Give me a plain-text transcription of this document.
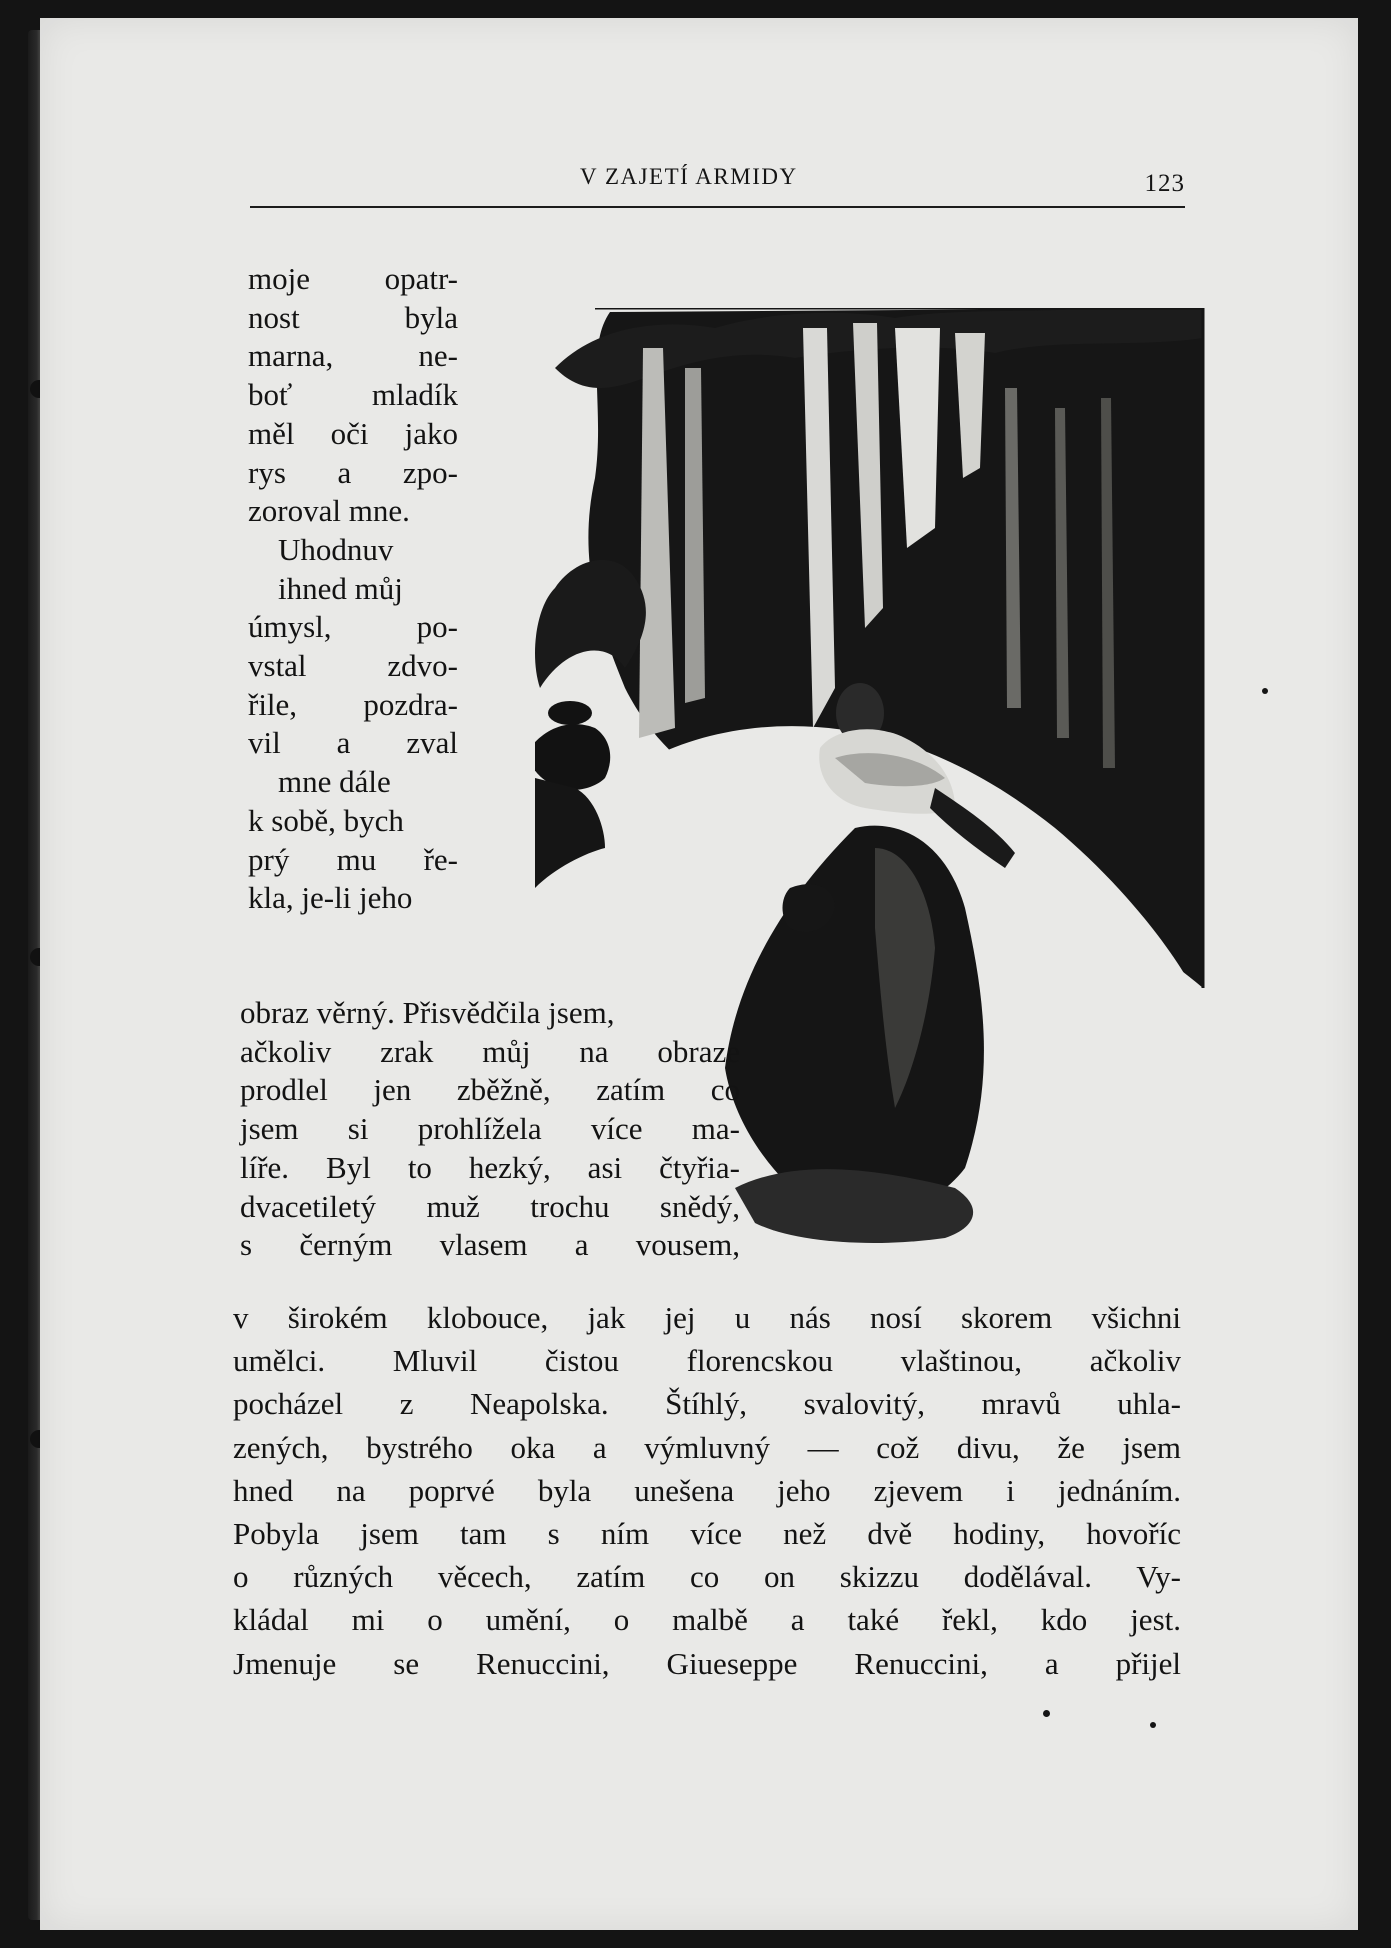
V ZAJETÍ ARMIDY	123
moje opatr-
nost byla
marna, ne-
boť mladík
měl oči jako
rys a zpo-
zoroval mne.
Uhodnuv
ihned můj
úmysl, po-
vstal zdvo-
řile, pozdra-
vil a zval
mne dále
k sobě, bych
prý mu ře-
kla, je-li jeho
obraz věrný. Přisvědčila jsem,
ačkoliv zrak můj na obraze
prodlel jen zběžně, zatím co
jsem si prohlížela více ma-
líře. Byl to hezký, asi čtyřia-
dvacetiletý muž trochu snědý,
s černým vlasem a vousem,
v širokém klobouce, jak jej u nás nosí skorem všichni
umělci. Mluvil čistou florencskou vlaštinou, ačkoliv
pocházel z Neapolska. Štíhlý, svalovitý, mravů uhla-
zených, bystrého oka a výmluvný — což divu, že jsem
hned na poprvé byla unešena jeho zjevem i jednáním.
Pobyla jsem tam s ním více než dvě hodiny, hovoříc
o různých věcech, zatím co on skizzu dodělával. Vy-
kládal mi o umění, o malbě a také řekl, kdo jest.
Jmenuje se Renuccini, Giueseppe Renuccini, a přijel
